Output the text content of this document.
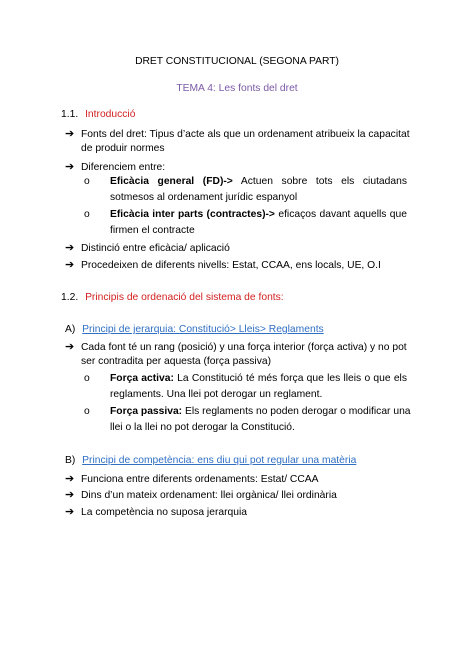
DRET CONSTITUCIONAL (SEGONA PART)
TEMA 4: Les fonts del dret
1.1. Introducció
➔ Fonts del dret: Tipus d’acte als que un ordenament atribueix la capacitat
de produir normes
➔ Diferenciem entre:
o Eficàcia general (FD)-> Actuen sobre tots els ciutadans
sotmesos al ordenament jurídic espanyol
o Eficàcia inter parts (contractes)-> eficaços davant aquells que
firmen el contracte
➔ Distinció entre eficàcia/ aplicació
➔ Procedeixen de diferents nivells: Estat, CCAA, ens locals, UE, O.I
1.2. Principis de ordenació del sistema de fonts:
A) Principi de jerarquia: Constitució> Lleis> Reglaments
➔ Cada font té un rang (posició) y una força interior (força activa) y no pot
ser contradita per aquesta (força passiva)
o Força activa: La Constitució té més força que les lleis o que els
reglaments. Una llei pot derogar un reglament.
o Força passiva: Els reglaments no poden derogar o modificar una
llei o la llei no pot derogar la Constitució.
B) Principi de competència: ens diu qui pot regular una matèria
➔ Funciona entre diferents ordenaments: Estat/ CCAA
➔ Dins d’un mateix ordenament: llei orgànica/ llei ordinària
➔ La competència no suposa jerarquia
